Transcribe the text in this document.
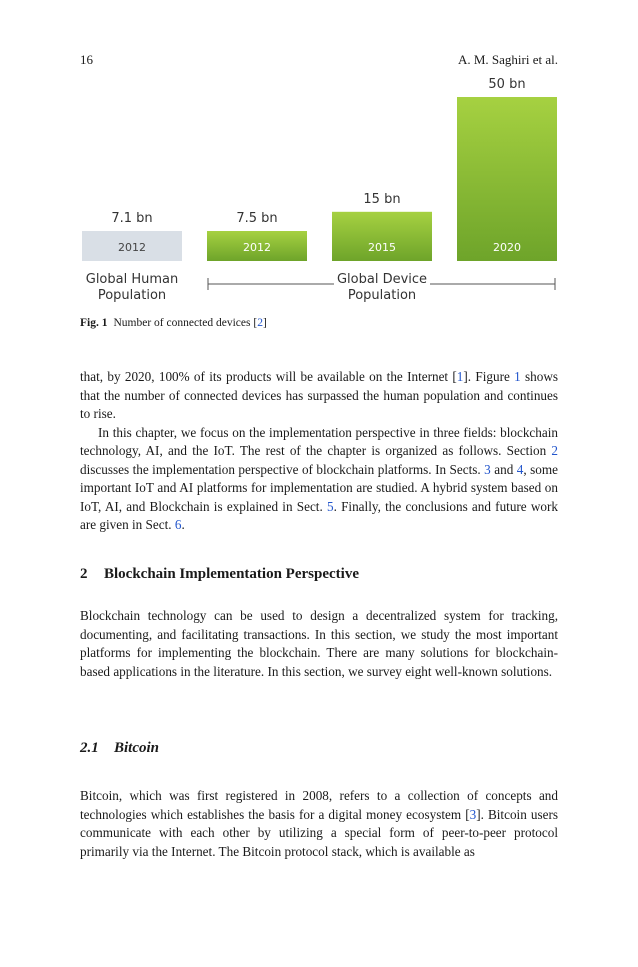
16	A. M. Saghiri et al.
2012
7.1 bn
2012
7.5 bn
2015
15 bn
2020
50 bn
Global Human
Population
Global Device
Population
Fig. 1 Number of connected devices [2]

that, by 2020, 100% of its products will be available on the Internet [1]. Figure 1 shows that the number of connected devices has surpassed the human population and continues to rise.

In this chapter, we focus on the implementation perspective in three fields: blockchain technology, AI, and the IoT. The rest of the chapter is organized as follows. Section 2 discusses the implementation perspective of blockchain platforms. In Sects. 3 and 4, some important IoT and AI platforms for implementation are studied. A hybrid system based on IoT, AI, and Blockchain is explained in Sect. 5. Finally, the conclusions and future work are given in Sect. 6.

2 Blockchain Implementation Perspective

Blockchain technology can be used to design a decentralized system for tracking, documenting, and facilitating transactions. In this section, we study the most important platforms for implementing the blockchain. There are many solutions for blockchain-based applications in the literature. In this section, we survey eight well-known solutions.

2.1 Bitcoin

Bitcoin, which was first registered in 2008, refers to a collection of concepts and technologies which establishes the basis for a digital money ecosystem [3]. Bitcoin users communicate with each other by utilizing a special form of peer-to-peer protocol primarily via the Internet. The Bitcoin protocol stack, which is available as
